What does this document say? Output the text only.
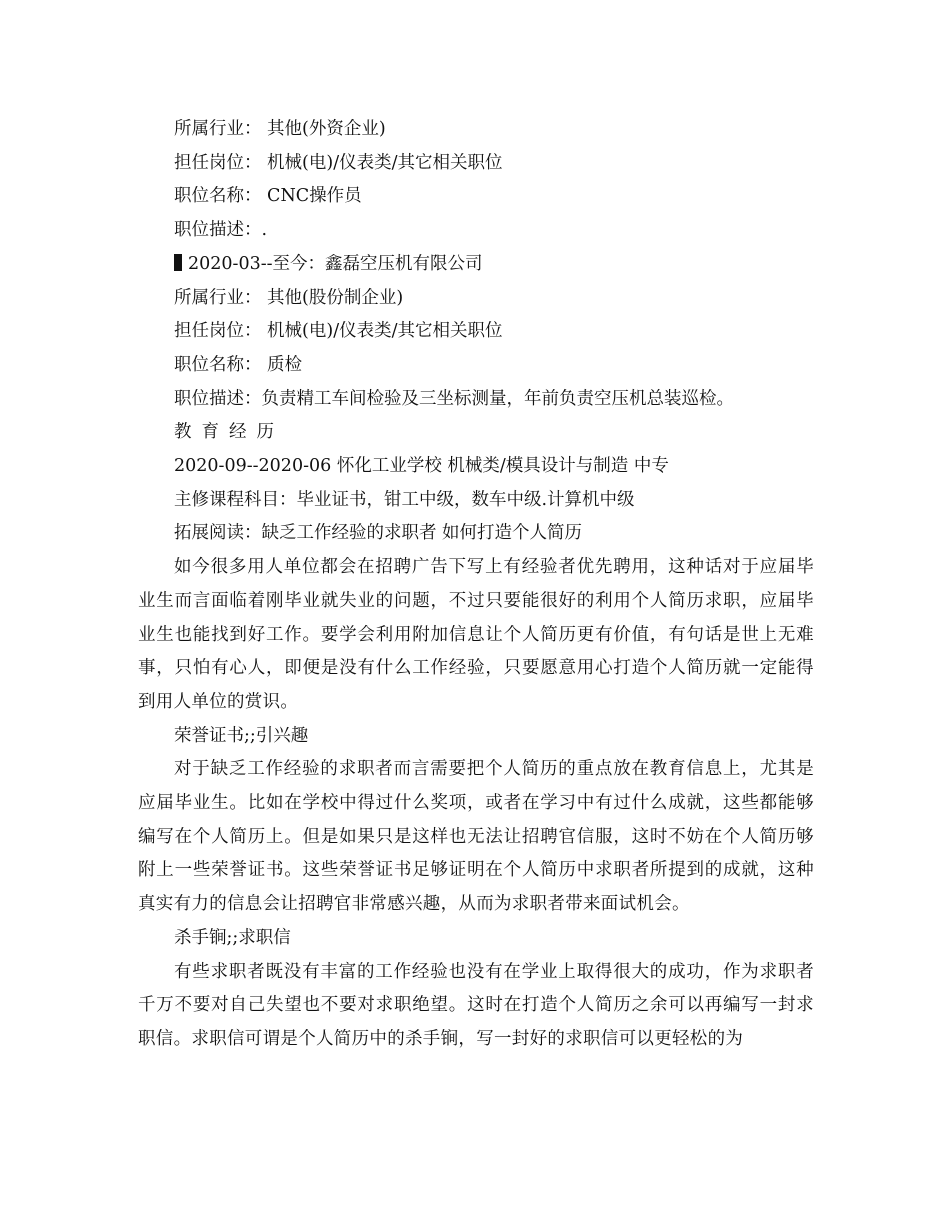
所属行业： 其他(外资企业)

担任岗位： 机械(电)/仪表类/其它相关职位

职位名称： CNC操作员

职位描述：.

2020-03--至今：鑫磊空压机有限公司

所属行业： 其他(股份制企业)

担任岗位： 机械(电)/仪表类/其它相关职位

职位名称： 质检

职位描述：负责精工车间检验及三坐标测量，年前负责空压机总装巡检。

教育经历

2020-09--2020-06 怀化工业学校 机械类/模具设计与制造 中专

主修课程科目：毕业证书，钳工中级，数车中级.计算机中级

拓展阅读：缺乏工作经验的求职者 如何打造个人简历

如今很多用人单位都会在招聘广告下写上有经验者优先聘用，这种话对于应届毕业生而言面临着刚毕业就失业的问题，不过只要能很好的利用个人简历求职，应届毕业生也能找到好工作。要学会利用附加信息让个人简历更有价值，有句话是世上无难事，只怕有心人，即便是没有什么工作经验，只要愿意用心打造个人简历就一定能得到用人单位的赏识。

荣誉证书;;引兴趣

对于缺乏工作经验的求职者而言需要把个人简历的重点放在教育信息上，尤其是应届毕业生。比如在学校中得过什么奖项，或者在学习中有过什么成就，这些都能够编写在个人简历上。但是如果只是这样也无法让招聘官信服，这时不妨在个人简历够附上一些荣誉证书。这些荣誉证书足够证明在个人简历中求职者所提到的成就，这种真实有力的信息会让招聘官非常感兴趣，从而为求职者带来面试机会。

杀手锏;;求职信

有些求职者既没有丰富的工作经验也没有在学业上取得很大的成功，作为求职者千万不要对自己失望也不要对求职绝望。这时在打造个人简历之余可以再编写一封求职信。求职信可谓是个人简历中的杀手锏，写一封好的求职信可以更轻松的为
